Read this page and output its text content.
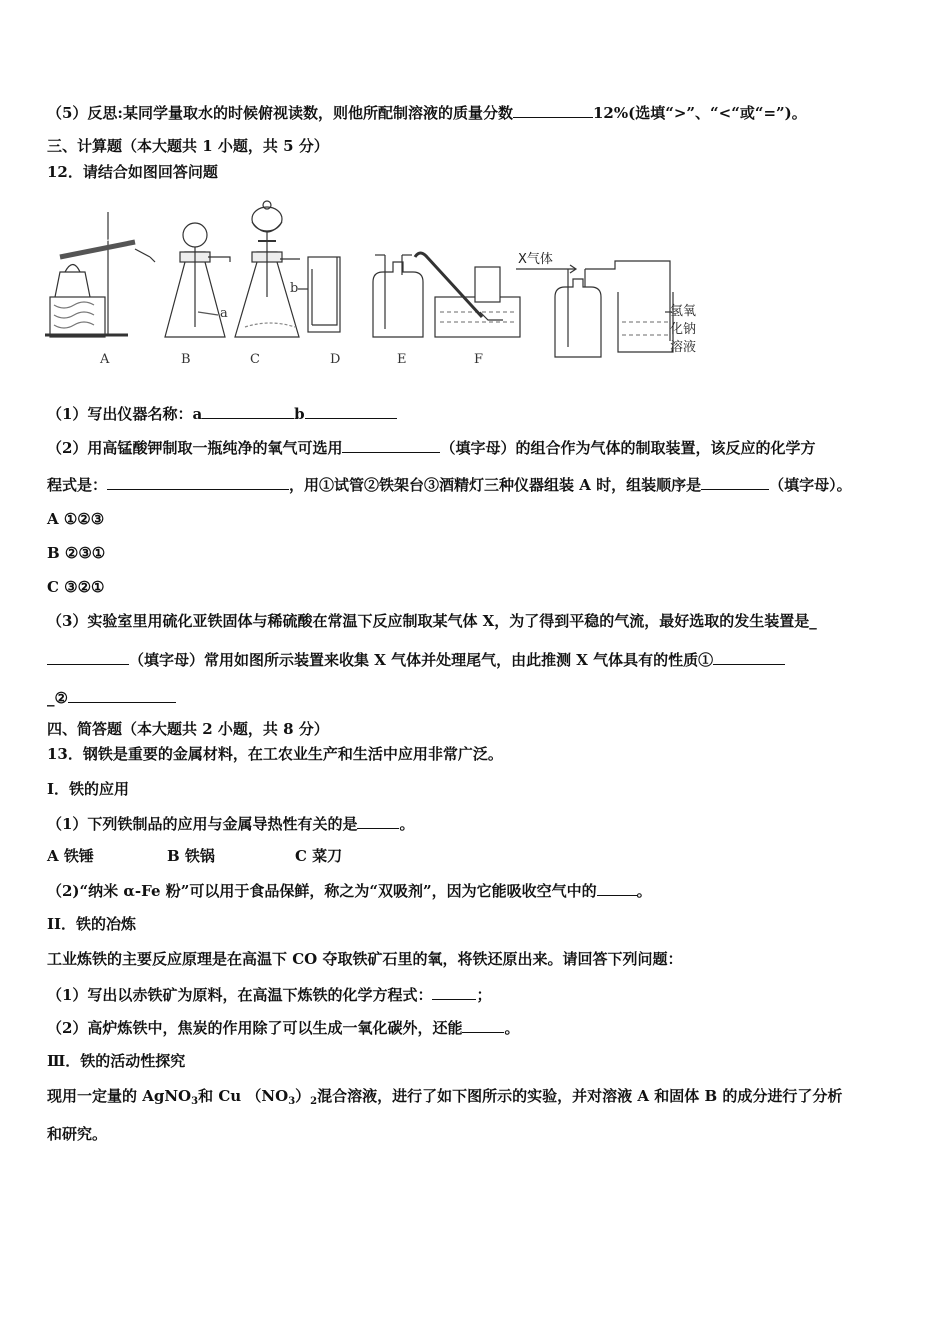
（5）反思:某同学量取水的时候俯视读数，则他所配制溶液的质量分数	12%(选填“>”、“<“或“=”)。
三、计算题（本大题共 1 小题，共 5 分）
12．请结合如图回答问题
a
b
X气体
氢氧
化钠
溶液
A	B	C	D	E	F
（1）写出仪器名称：a	b
（2）用高锰酸钾制取一瓶纯净的氧气可选用	（填字母）的组合作为气体的制取装置，该反应的化学方
程式是：	，用①试管②铁架台③酒精灯三种仪器组装 A 时，组装顺序是	（填字母）。
A ①②③
B ②③①
C ③②①
（3）实验室里用硫化亚铁固体与稀硫酸在常温下反应制取某气体 X，为了得到平稳的气流，最好选取的发生装置是_
（填字母）常用如图所示装置来收集 X 气体并处理尾气，由此推测 X 气体具有的性质①
_②
四、简答题（本大题共 2 小题，共 8 分）
13．钢铁是重要的金属材料，在工农业生产和生活中应用非常广泛。
I．铁的应用
（1）下列铁制品的应用与金属导热性有关的是	。
A 铁锤	B 铁锅	C 菜刀
（2)“纳米 α-Fe 粉”可以用于食品保鲜，称之为“双吸剂”，因为它能吸收空气中的	。
II．铁的冶炼
工业炼铁的主要反应原理是在高温下 CO 夺取铁矿石里的氧，将铁还原出来。请回答下列问题：
（1）写出以赤铁矿为原料，在高温下炼铁的化学方程式：	；
（2）高炉炼铁中，焦炭的作用除了可以生成一氧化碳外，还能	。
Ⅲ．铁的活动性探究
现用一定量的 AgNO$_3$和 Cu $(NO_3)_2$混合溶液，进行了如下图所示的实验，并对溶液 A 和固体 B 的成分进行了分析
和研究。
